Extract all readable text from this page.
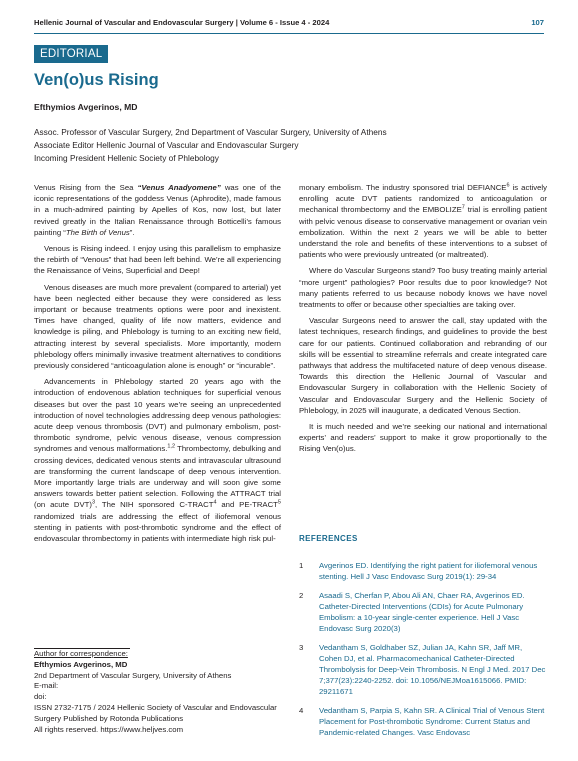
Hellenic Journal of Vascular and Endovascular Surgery | Volume 6 - Issue 4 - 2024	107
EDITORIAL
Ven(o)us Rising
Efthymios Avgerinos, MD
Assoc. Professor of Vascular Surgery, 2nd Department of Vascular Surgery, University of Athens
Associate Editor Hellenic Journal of Vascular and Endovascular Surgery
Incoming President Hellenic Society of Phlebology

Venus Rising from the Sea “Venus Anadyomene” was one of the iconic representations of the goddess Venus (Aphrodite), made famous in a much-admired painting by Apelles of Kos, now lost, but later revived greatly in the Italian Renaissance through Botticelli’s famous painting “The Birth of Venus”.

Venous is Rising indeed. I enjoy using this parallelism to emphasize the rebirth of “Venous” that had been left behind. We’re all experiencing the Renaissance of Veins, Superficial and Deep!

Venous diseases are much more prevalent (compared to arterial) yet have been neglected either because they were considered as less important or because treatments options were poor and inexistent. Times have changed, quality of life now matters, evidence and knowledge is piling, and Phlebology is turning to an exciting new field, attracting interest by several specialists. More importantly, modern phlebology offers minimally invasive treatment alternatives to conditions previously considered “anticoagulation alone is enough” or “incurable”.

Advancements in Phlebology started 20 years ago with the introduction of endovenous ablation techniques for superficial venous diseases but over the past 10 years we’re seeing an unprecedented introduction of novel technologies addressing deep venous pathologies: acute deep venous thrombosis (DVT) and pulmonary embolism, post-thrombotic syndrome, pelvic venous disease, venous compression syndromes and venous malformations.$^{1,2}$ Thrombectomy, debulking and crossing devices, dedicated venous stents and intravascular ultrasound are transforming the current landscape of deep venous intervention. More importantly large trials are underway and will soon give some answers towards better patient selection. Following the ATTRACT trial (on acute DVT)$^3$, The NIH sponsored C-TRACT$^4$ and PE-TRACT$^5$ randomized trials are addressing the effect of iliofemoral venous stenting in patients with post-thrombotic syndrome and the effect of endovascular thrombectomy in patients with intermediate high risk pul-

monary embolism. The industry sponsored trial DEFIANCE$^6$ is actively enrolling acute DVT patients randomized to anticoagulation or mechanical thrombectomy and the EMBOLIZE$^7$ trial is enrolling patient with pelvic venous disease to conservative management or ovarian vein embolization. Within the next 2 years we will be able to better understand the role and benefits of these interventions to a subset of patients who were previously untreated (or maltreated).

Where do Vascular Surgeons stand? Too busy treating mainly arterial “more urgent” pathologies? Poor results due to poor knowledge? Not many patients referred to us because nobody knows we have novel treatments to offer or because other specialties are taking over.

Vascular Surgeons need to answer the call, stay updated with the latest techniques, research findings, and guidelines to provide the best care for our patients. Continued collaboration and rebranding of our skills will be essential to streamline referrals and create integrated care pathways that address the multifaceted nature of deep venous disease. Towards this direction the Hellenic Journal of Vascular and Endovascular Surgery in collaboration with the Hellenic Society of Vascular and Endovascular Surgery and the Hellenic Society of Phlebology, in 2025 will inaugurate, a dedicated Venous Section.

It is much needed and we’re seeking our national and international experts’ and readers’ support to make it grow proportionally to the Rising Ven(o)us.

REFERENCES
1 Avgerinos ED. Identifying the right patient for iliofemoral venous stenting. Hell J Vasc Endovasc Surg 2019(1): 29-34
2 Asaadi S, Cherfan P, Abou Ali AN, Chaer RA, Avgerinos ED. Catheter-Directed Interventions (CDIs) for Acute Pulmonary Embolism: a 10-year single-center experience. Hell J Vasc Endovasc Surg 2020(3)
3 Vedantham S, Goldhaber SZ, Julian JA, Kahn SR, Jaff MR, Cohen DJ, et al. Pharmacomechanical Catheter-Directed Thrombolysis for Deep-Vein Thrombosis. N Engl J Med. 2017 Dec 7;377(23):2240-2252. doi: 10.1056/NEJMoa1615066. PMID: 29211671
4 Vedantham S, Parpia S, Kahn SR. A Clinical Trial of Venous Stent Placement for Post-thrombotic Syndrome: Current Status and Pandemic-related Changes. Vasc Endovasc
Author for correspondence:
Efthymios Avgerinos, MD
2nd Department of Vascular Surgery, University of Athens
E-mail:
doi:
ISSN 2732-7175 / 2024 Hellenic Society of Vascular and Endovascular Surgery Published by Rotonda Publications
All rights reserved. https://www.heljves.com
